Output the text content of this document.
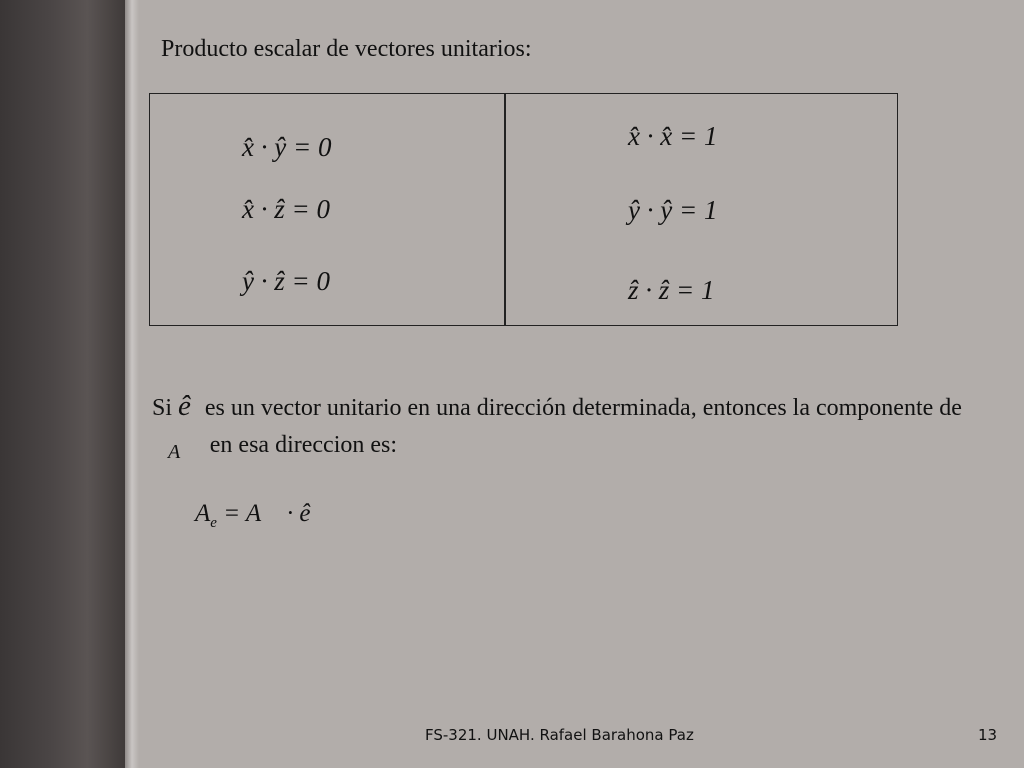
Producto escalar de vectores unitarios:
x̂ · ŷ = 0
x̂ · ẑ = 0
ŷ · ẑ = 0
x̂ · x̂ = 1
ŷ · ŷ = 1
ẑ · ẑ = 1
Si ê es un vector unitario en una dirección determinada, entonces la componente deA⃗ en esa direccion es:
$A_e$ = A⃗ · ê
FS-321. UNAH. Rafael Barahona Paz	13
